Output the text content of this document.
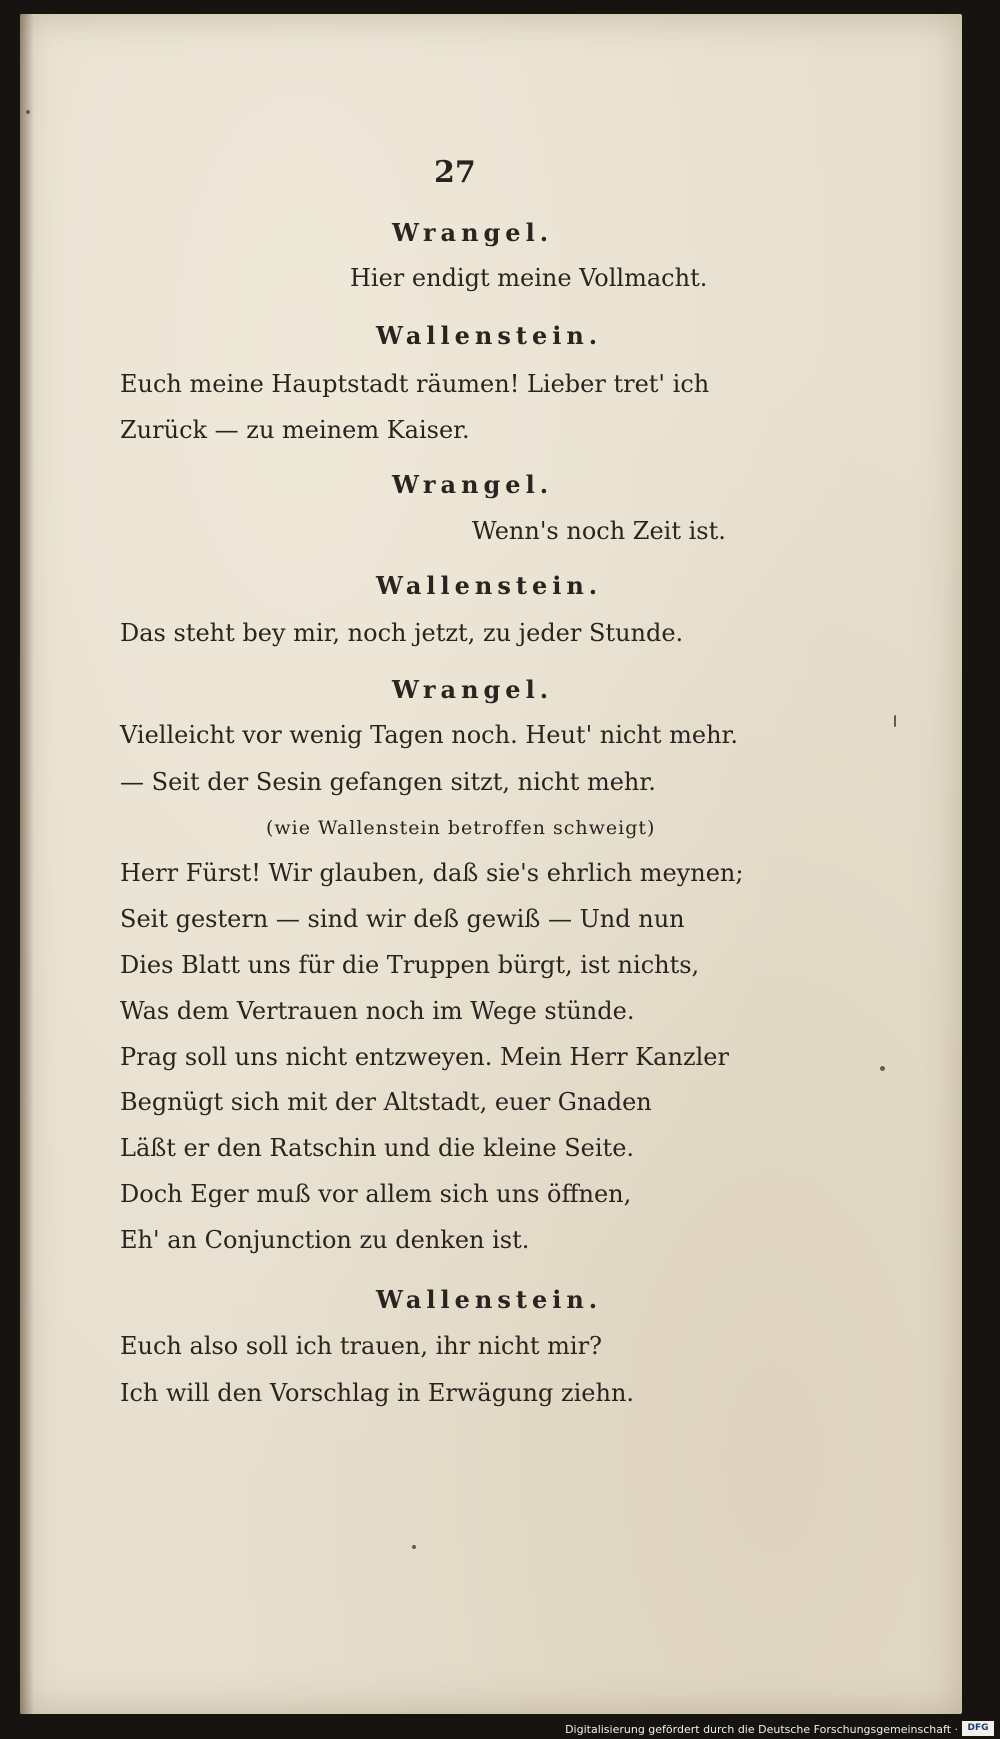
27
Wrangel.
Hier endigt meine Vollmacht.
Wallenstein.
Euch meine Hauptstadt räumen! Lieber tret' ich
Zurück — zu meinem Kaiser.
Wrangel.
Wenn's noch Zeit ist.
Wallenstein.
Das steht bey mir, noch jetzt, zu jeder Stunde.
Wrangel.
Vielleicht vor wenig Tagen noch. Heut' nicht mehr.
— Seit der Sesin gefangen sitzt, nicht mehr.
(wie Wallenstein betroffen schweigt)
Herr Fürst! Wir glauben, daß sie's ehrlich meynen;
Seit gestern — sind wir deß gewiß — Und nun
Dies Blatt uns für die Truppen bürgt, ist nichts,
Was dem Vertrauen noch im Wege stünde.
Prag soll uns nicht entzweyen. Mein Herr Kanzler
Begnügt sich mit der Altstadt, euer Gnaden
Läßt er den Ratschin und die kleine Seite.
Doch Eger muß vor allem sich uns öffnen,
Eh' an Conjunction zu denken ist.
Wallenstein.
Euch also soll ich trauen, ihr nicht mir?
Ich will den Vorschlag in Erwägung ziehn.
Digitalisierung gefördert durch die Deutsche Forschungsgemeinschaft ·	DFG
